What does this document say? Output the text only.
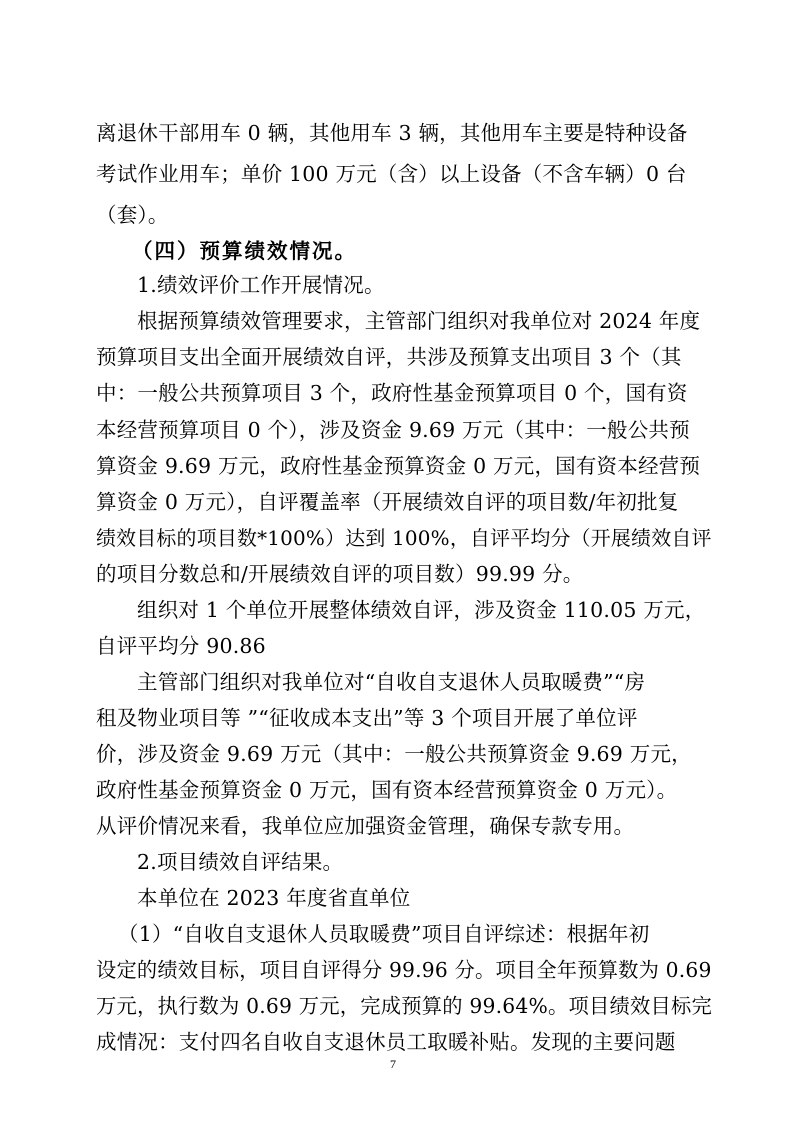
离退休干部用车 0 辆，其他用车 3 辆，其他用车主要是特种设备
考试作业用车；单价 100 万元（含）以上设备（不含车辆）0 台
（套）。
（四）预算绩效情况。
1.绩效评价工作开展情况。
根据预算绩效管理要求，主管部门组织对我单位对 2024 年度
预算项目支出全面开展绩效自评，共涉及预算支出项目 3 个（其
中：一般公共预算项目 3 个，政府性基金预算项目 0 个，国有资
本经营预算项目 0 个），涉及资金 9.69 万元（其中：一般公共预
算资金 9.69 万元，政府性基金预算资金 0 万元，国有资本经营预
算资金 0 万元），自评覆盖率（开展绩效自评的项目数/年初批复
绩效目标的项目数*100%）达到 100%，自评平均分（开展绩效自评
的项目分数总和/开展绩效自评的项目数）99.99 分。
组织对 1 个单位开展整体绩效自评，涉及资金 110.05 万元，
自评平均分 90.86
主管部门组织对我单位对“自收自支退休人员取暖费”“房
租及物业项目等 ”“征收成本支出”等 3 个项目开展了单位评
价，涉及资金 9.69 万元（其中：一般公共预算资金 9.69 万元，
政府性基金预算资金 0 万元，国有资本经营预算资金 0 万元）。
从评价情况来看，我单位应加强资金管理，确保专款专用。
2.项目绩效自评结果。
本单位在 2023 年度省直单位
（1）“自收自支退休人员取暖费”项目自评综述：根据年初
设定的绩效目标，项目自评得分 99.96 分。项目全年预算数为 0.69
万元，执行数为 0.69 万元，完成预算的 99.64%。项目绩效目标完
成情况：支付四名自收自支退休员工取暖补贴。发现的主要问题
7
